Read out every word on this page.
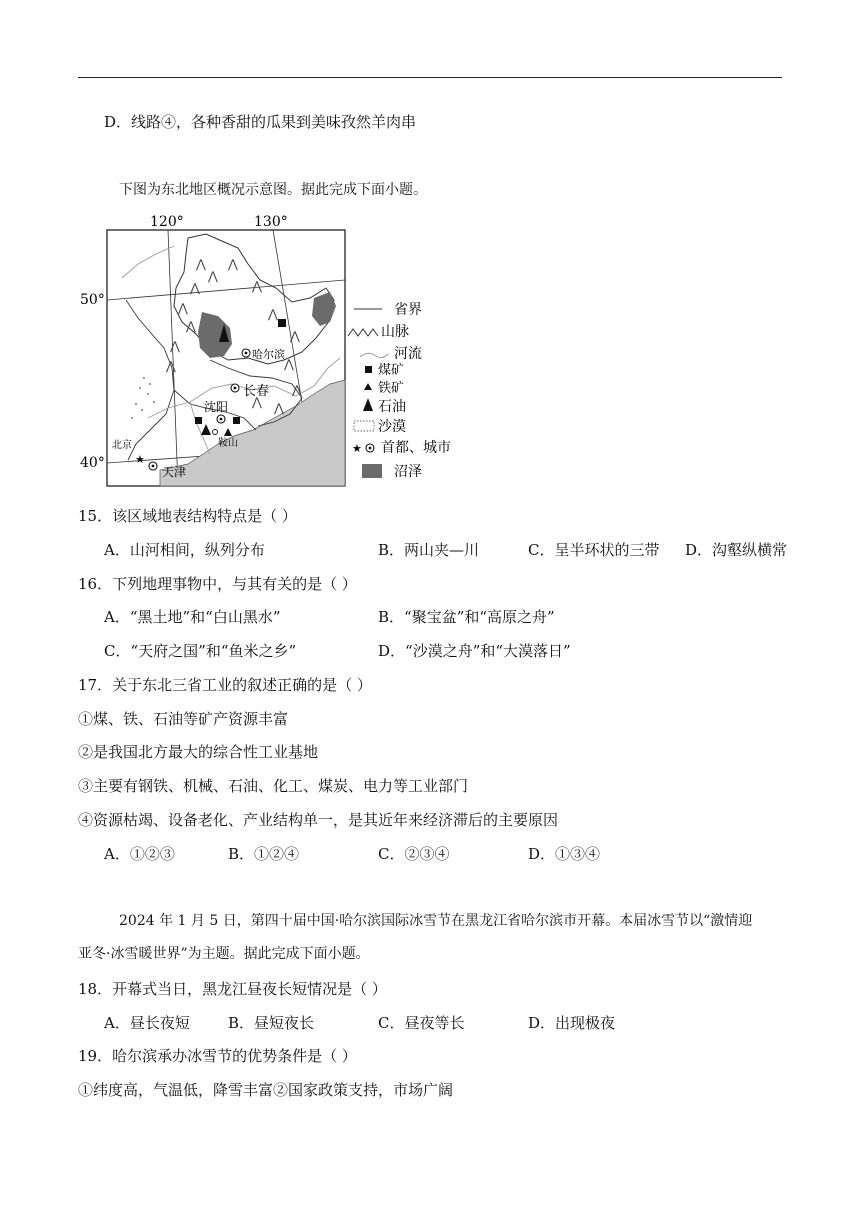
D．线路④，各种香甜的瓜果到美味孜然羊肉串
下图为东北地区概况示意图。据此完成下面小题。
⋀
⋀
⋀
⋀
⋀
⋀
⋀
⋀
⋀
⋀
⋀
⋀
⋀
⋀ ⋀
★
120°	130°
50°
40°
哈尔滨
长春
沈阳
鞍山
北京
天津
省界
山脉
河流
煤矿
铁矿
石油
沙漠
★ 首都、城市
沼泽
15．该区域地表结构特点是（ ）
A．山河相间，纵列分布	B．两山夹—川	C．呈半环状的三带 D．沟壑纵横常
16．下列地理事物中，与其有关的是（ ）
A．“黑土地”和“白山黑水”	B．“聚宝盆”和“高原之舟”
C．“天府之国”和“鱼米之乡”	D．“沙漠之舟”和“大漠落日”
17．关于东北三省工业的叙述正确的是（ ）
①煤、铁、石油等矿产资源丰富
②是我国北方最大的综合性工业基地
③主要有钢铁、机械、石油、化工、煤炭、电力等工业部门
④资源枯竭、设备老化、产业结构单一，是其近年来经济滞后的主要原因
A．①②③	B．①②④	C．②③④	D．①③④
2024 年 1 月 5 日，第四十届中国·哈尔滨国际冰雪节在黑龙江省哈尔滨市开幕。本届冰雪节以“激情迎
亚冬·冰雪暖世界”为主题。据此完成下面小题。
18．开幕式当日，黑龙江昼夜长短情况是（ ）
A．昼长夜短	B．昼短夜长	C．昼夜等长	D．出现极夜
19．哈尔滨承办冰雪节的优势条件是（ ）
①纬度高，气温低，降雪丰富②国家政策支持，市场广阔
